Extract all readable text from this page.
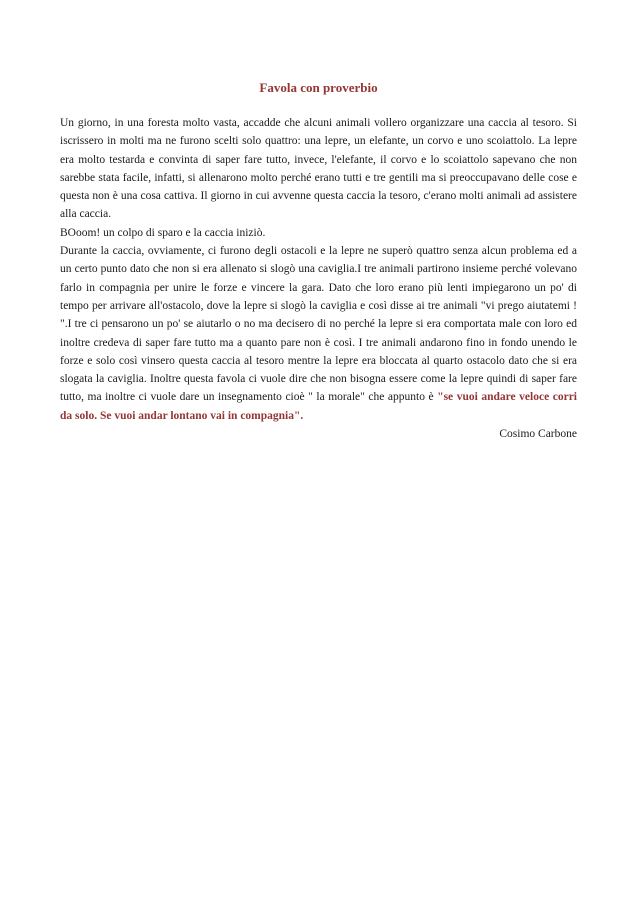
Favola con proverbio

Un giorno, in una foresta molto vasta, accadde che alcuni animali vollero organizzare una caccia al tesoro. Si iscrissero in molti ma ne furono scelti solo quattro: una lepre, un elefante, un corvo e uno scoiattolo. La lepre era molto testarda e convinta di saper fare tutto, invece, l'elefante, il corvo e lo scoiattolo sapevano che non sarebbe stata facile, infatti, si allenarono molto perché erano tutti e tre gentili ma si preoccupavano delle cose e questa non è una cosa cattiva. Il giorno in cui avvenne questa caccia la tesoro, c'erano molti animali ad assistere alla caccia.

BOoom! un colpo di sparo e la caccia iniziò.

Durante la caccia, ovviamente, ci furono degli ostacoli e la lepre ne superò quattro senza alcun problema ed a un certo punto dato che non si era allenato si slogò una caviglia.I tre animali partirono insieme perché volevano farlo in compagnia per unire le forze e vincere la gara. Dato che loro erano più lenti impiegarono un po' di tempo per arrivare all'ostacolo, dove la lepre si slogò la caviglia e così disse ai tre animali "vi prego aiutatemi ! ".I tre ci pensarono un po' se aiutarlo o no ma decisero di no perché la lepre si era comportata male con loro ed inoltre credeva di saper fare tutto ma a quanto pare non è così. I tre animali andarono fino in fondo unendo le forze e solo così vinsero questa caccia al tesoro mentre la lepre era bloccata al quarto ostacolo dato che si era slogata la caviglia. Inoltre questa favola ci vuole dire che non bisogna essere come la lepre quindi di saper fare tutto, ma inoltre ci vuole dare un insegnamento cioè " la morale" che appunto è "se vuoi andare veloce corri da solo. Se vuoi andar lontano vai in compagnia".

Cosimo Carbone
